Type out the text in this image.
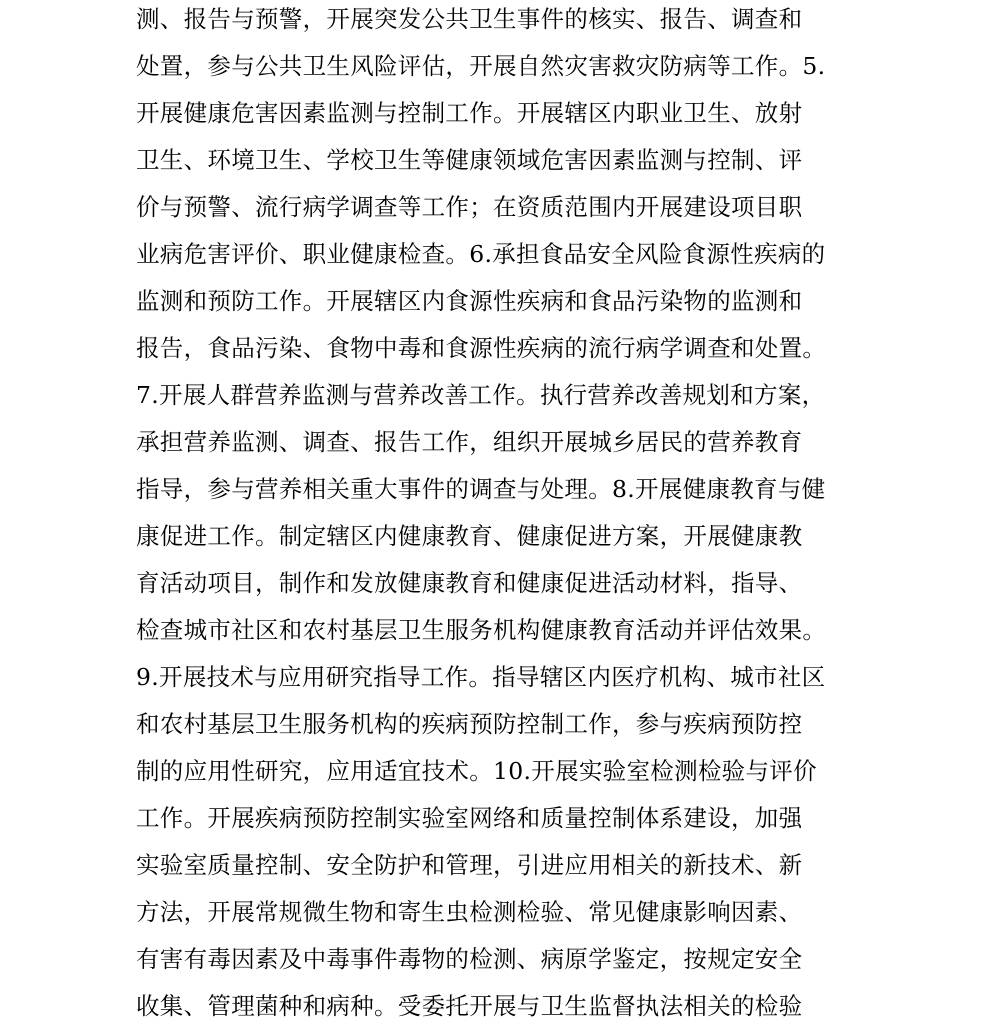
测、报告与预警，开展突发公共卫生事件的核实、报告、调查和
处置，参与公共卫生风险评估，开展自然灾害救灾防病等工作。5.
开展健康危害因素监测与控制工作。开展辖区内职业卫生、放射
卫生、环境卫生、学校卫生等健康领域危害因素监测与控制、评
价与预警、流行病学调查等工作；在资质范围内开展建设项目职
业病危害评价、职业健康检查。6.承担食品安全风险食源性疾病的
监测和预防工作。开展辖区内食源性疾病和食品污染物的监测和
报告，食品污染、食物中毒和食源性疾病的流行病学调查和处置。
7.开展人群营养监测与营养改善工作。执行营养改善规划和方案，
承担营养监测、调查、报告工作，组织开展城乡居民的营养教育
指导，参与营养相关重大事件的调查与处理。8.开展健康教育与健
康促进工作。制定辖区内健康教育、健康促进方案，开展健康教
育活动项目，制作和发放健康教育和健康促进活动材料，指导、
检查城市社区和农村基层卫生服务机构健康教育活动并评估效果。
9.开展技术与应用研究指导工作。指导辖区内医疗机构、城市社区
和农村基层卫生服务机构的疾病预防控制工作，参与疾病预防控
制的应用性研究，应用适宜技术。10.开展实验室检测检验与评价
工作。开展疾病预防控制实验室网络和质量控制体系建设，加强
实验室质量控制、安全防护和管理，引进应用相关的新技术、新
方法，开展常规微生物和寄生虫检测检验、常见健康影响因素、
有害有毒因素及中毒事件毒物的检测、病原学鉴定，按规定安全
收集、管理菌种和病种。受委托开展与卫生监督执法相关的检验
